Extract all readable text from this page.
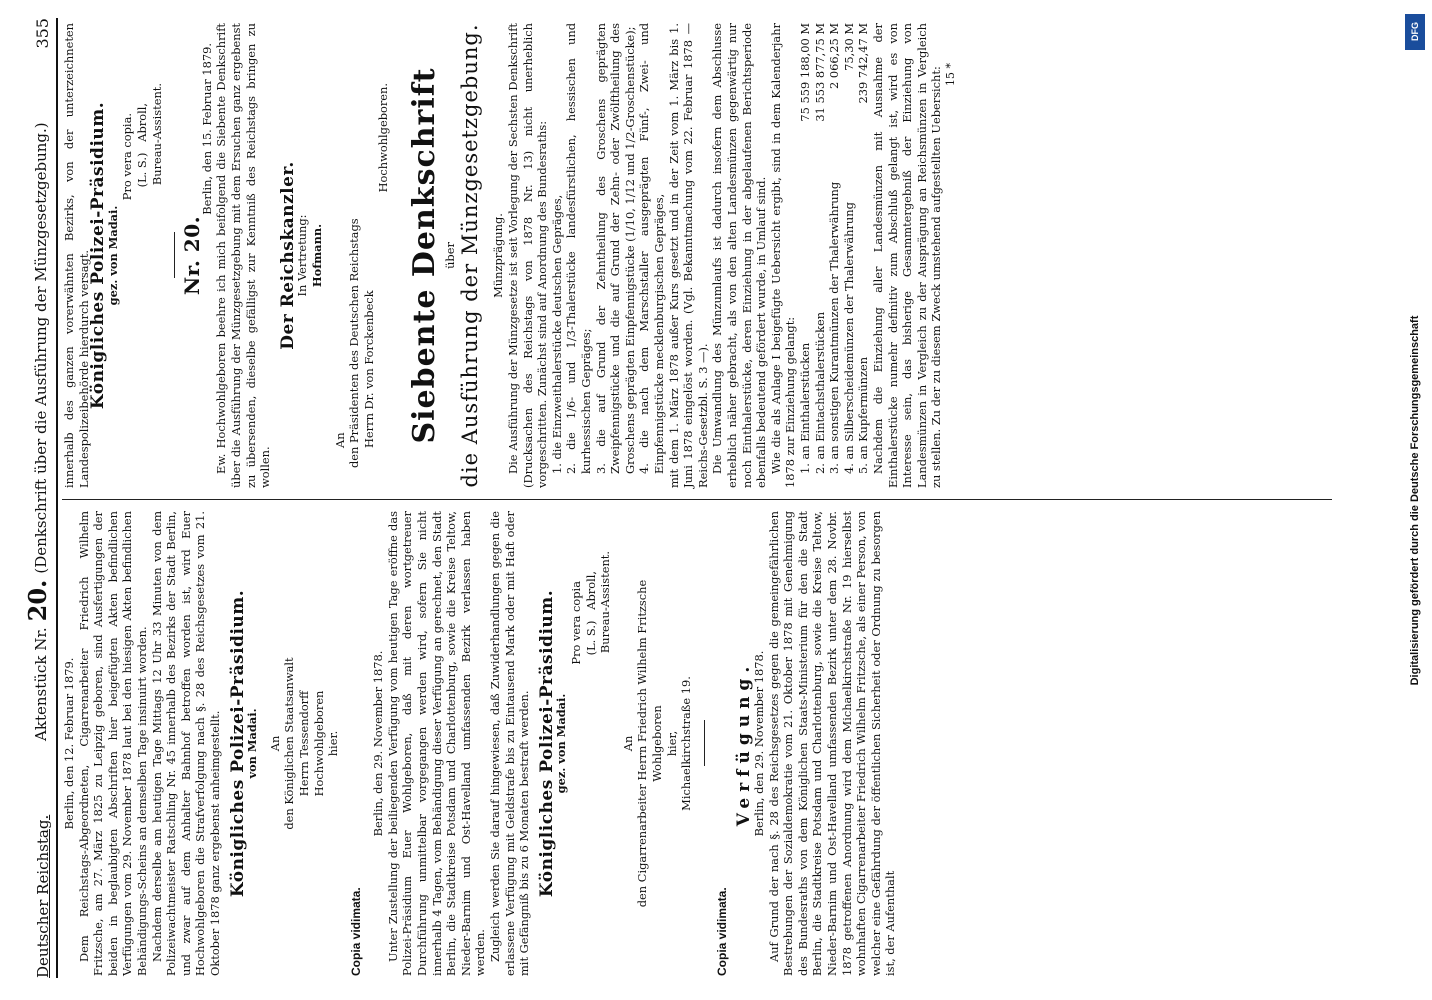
Deutscher Reichstag.
Aktenstück Nr.20.(Denkschrift über die Ausführung der Münzgesetzgebung.)
355

Berlin, den 12. Februar 1879. Dem Reichstags-Abgeordneten, Cigarrenarbeiter Friedrich Wilhelm Fritzsche, am 27. März 1825 zu Leipzig geboren, sind Ausfertigungen der beiden in beglaubigten Abschriften hier beigefügten Akten befindlichen Verfügungen vom 29. November 1878 laut bei den hiesigen Akten befindlichen Behändigungs-Scheins an demselben Tage insinuirt worden. Nachdem derselbe am heutigen Tage Mittags 12 Uhr 33 Minuten von dem Polizeiwachtmeister Ratschling Nr. 45 innerhalb des Bezirks der Stadt Berlin, und zwar auf dem Anhalter Bahnhof betroffen worden ist, wird Euer Hochwohlgeboren die Strafverfolgung nach §. 28 des Reichsgesetzes vom 21. Oktober 1878 ganz ergebenst anheimgestellt. Königliches Polizei-Präsidium.

von Madai. An den Königlichen Staatsanwalt Herrn Tessendorff Hochwohlgeboren hier.

Copia vidimata.

Berlin, den 29. November 1878. Unter Zustellung der beiliegenden Verfügung vom heutigen Tage eröffne das Polizei-Präsidium Euer Wohlgeboren, daß mit deren wortgetreuer Durchführung unmittelbar vorgegangen werden wird, sofern Sie nicht innerhalb 4 Tagen, vom Behändigung dieser Verfügung an gerechnet, den Stadt Berlin, die Stadtkreise Potsdam und Charlottenburg, sowie die Kreise Teltow, Nieder-Barnim und Ost-Havelland umfassenden Bezirk verlassen haben werden. Zugleich werden Sie darauf hingewiesen, daß Zuwiderhandlungen gegen die erlassene Verfügung mit Geldstrafe bis zu Eintausend Mark oder mit Haft oder mit Gefängniß bis zu 6 Monaten bestraft werden. Königliches Polizei-Präsidium.

gez. von Madai.

Pro vera copia (L. S.)   Abroll, Bureau-Assistent.

An den Cigarrenarbeiter Herrn Friedrich Wilhelm Fritzsche Wohlgeboren hier, Michaelkirchstraße 19.

Copia vidimata.

Verfügung.

Berlin, den 29. November 1878. Auf Grund der nach §. 28 des Reichsgesetzes gegen die gemeingefährlichen Bestrebungen der Sozialdemokratie vom 21. Oktober 1878 mit Genehmigung des Bundesraths von dem Königlichen Staats-Ministerium für den die Stadt Berlin, die Stadtkreise Potsdam und Charlottenburg, sowie die Kreise Teltow, Nieder-Barnim und Ost-Havelland umfassenden Bezirk unter dem 28. Novbr. 1878 getroffenen Anordnung wird dem Michaelkirchstraße Nr. 19 hierselbst wohnhaften Cigarrenarbeiter Friedrich Wilhelm Fritzsche, als einer Person, von welcher eine Gefährdung der öffentlichen Sicherheit oder Ordnung zu besorgen ist, der Aufenthalt

innerhalb des ganzen vorerwähnten Bezirks, von der unterzeichneten Landespolizeibehörde hierdurch versagt.

Königliches Polizei-Präsidium.

gez. von Madai.

Pro vera copia. (L. S.)   Abroll, Bureau-Assistent.

Nr. 20.

Berlin, den 15. Februar 1879. Ew. Hochwohlgeboren beehre ich mich beifolgend die Siebente Denkschrift über die Ausführung der Münzgesetzgebung mit dem Ersuchen ganz ergebenst zu übersenden, dieselbe gefälligst zur Kenntniß des Reichstags bringen zu wollen.

Der Reichskanzler.

In Vertretung: Hofmann.

An den Präsidenten des Deutschen Reichstags Herrn Dr. von Forckenbeck

Hochwohlgeboren. Siebente Denkschrift über die Ausführung der Münzgesetzgebung. Münzprägung. Die Ausführung der Münzgesetze ist seit Vorlegung der Sechsten Denkschrift (Drucksachen des Reichstags von 1878 Nr. 13) nicht unerheblich vorgeschritten. Zunächst sind auf Anordnung des Bundesraths: 1. die Einzweithalerstücke deutschen Gepräges, 2. die 1/6- und 1/3-Thalerstücke landesfürstlichen, hessischen und kurhessischen Gepräges; 3. die auf Grund der Zehntheilung des Groschens geprägten Zweipfennigstücke und die auf Grund der Zehn- oder Zwölftheilung des Groschens geprägten Einpfennigstücke (1/10, 1/12 und 1/2-Groschenstücke); 4. die nach dem Marschstaller ausgeprägten Fünf-, Zwei- und Einpfennigstücke mecklenburgischen Gepräges, mit dem 1. März 1878 außer Kurs gesetzt und in der Zeit vom 1. März bis 1. Juni 1878 eingelöst worden. (Vgl. Bekanntmachung vom 22. Februar 1878 — Reichs-Gesetzbl. S. 3 —). Die Umwandlung des Münzumlaufs ist dadurch insofern dem Abschlusse erheblich näher gebracht, als von den alten Landesmünzen gegenwärtig nur noch Einthalerstücke, deren Einziehung in der abgelaufenen Berichtsperiode ebenfalls bedeutend gefördert wurde, in Umlauf sind. Wie die als Anlage I beigefügte Uebersicht ergibt, sind in dem Kalenderjahr 1878 zur Einziehung gelangt: 1. an Einthalerstücken
75 559 188,00 M
2. an Eintachsthalerstücken
31 553 877,75 M
3. an sonstigen Kurantmünzen der Thalerwährung
2 066,25 M
4. an Silberscheidemünzen der Thalerwährung
75,30 M
5. an Kupfermünzen
239 742,47 M Nachdem die Einziehung aller Landesmünzen mit Ausnahme der Einthalerstücke numehr definitiv zum Abschluß gelangt ist, wird es von Interesse sein, das bisherige Gesammtergebniß der Einziehung von Landesmünzen in Vergleich zu der Ausprägung an Reichsmünzen in Vergleich zu stellen. Zu der zu diesem Zweck umstehend aufgestellten Uebersicht: 15 *

Digitalisierung gefördert durch die Deutsche Forschungsgemeinschaft
DFG
